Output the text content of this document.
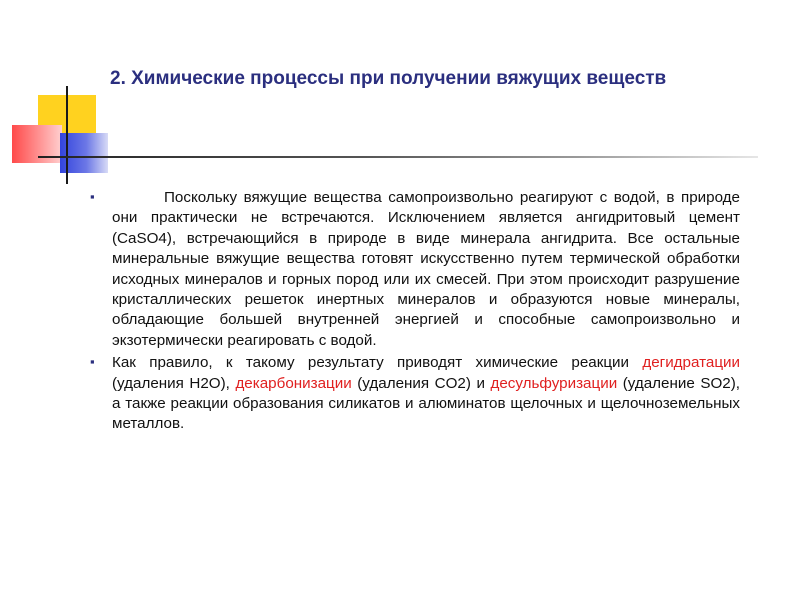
2. Химические процессы при получении вяжущих веществ

▪	Поскольку вяжущие вещества самопроизвольно реагируют с водой, в природе они практически не встречаются. Исключением является ангидритовый цемент (CaSO4), встречающийся в природе в виде минерала ангидрита. Все остальные минеральные вяжущие вещества готовят искусственно путем термической обработки исходных минералов и горных пород или их смесей. При этом происходит разрушение кристаллических решеток инертных минералов и образуются новые минералы, обладающие большей внутренней энергией и способные самопроизвольно и экзотермически реагировать с водой.

▪ Как правило, к такому результату приводят химические реакции дегидратации (удаления H2O), декарбонизации (удаления CO2) и десульфуризации (удаление SO2), а также реакции образования силикатов и алюминатов щелочных и щелочноземельных металлов.
